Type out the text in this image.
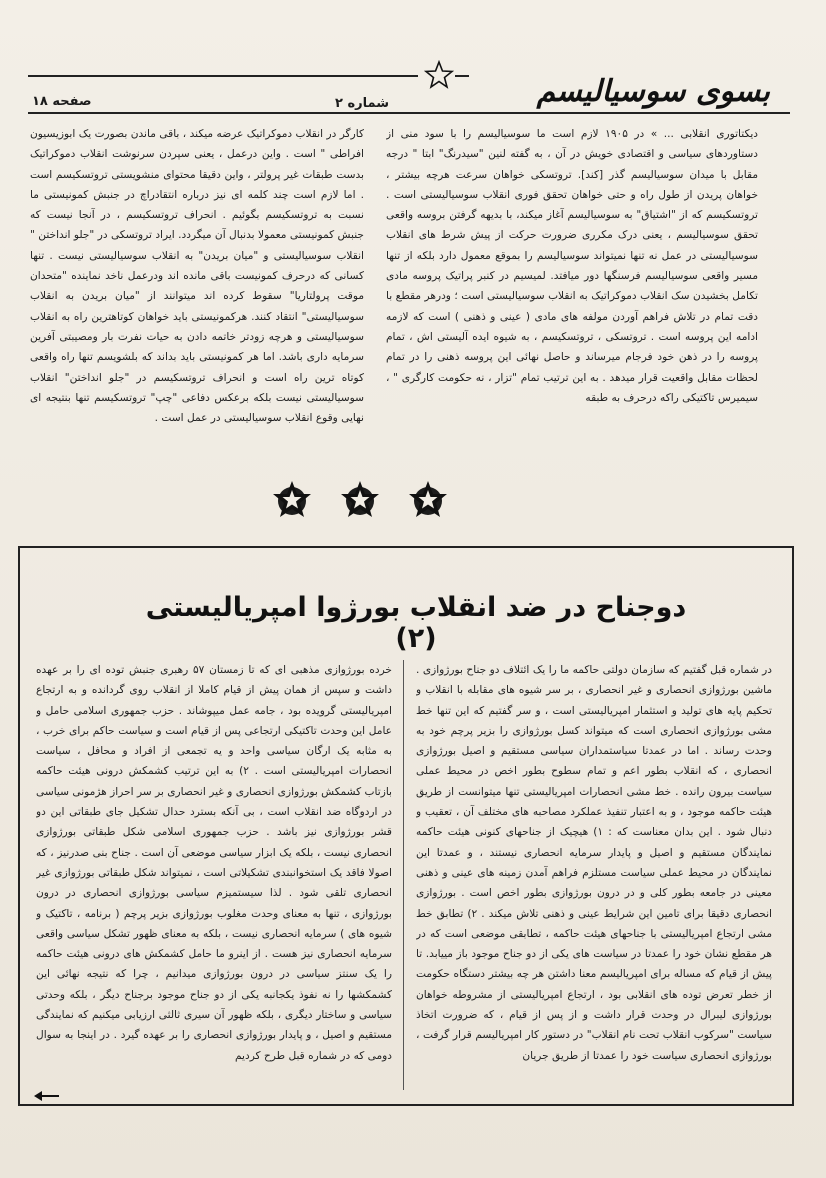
بسوی سوسیالیسم
شماره ۲
صفحه ۱۸

دیکتاتوری انقلابی ... » در ۱۹۰۵ لازم است ما سوسیالیسم را با سود منی از دستاوردهای سیاسی و اقتصادی خویش در آن ، به گفته لنین "سیدرنگ" ابتا " درجه مقابل با میدان سوسیالیسم گذر [کند]. تروتسکی خواهان سرعت هرچه بیشتر ، خواهان پریدن از طول راه و حتی خواهان تحقق فوری انقلاب سوسیالیستی است . تروتسکیسم که از "اشتیاق" به سوسیالیسم آغاز میکند، با بدیهه گرفتن بروسه واقعی تحقق سوسیالیسم ، یعنی درک مکرری ضرورت حرکت از پیش شرط های انقلاب سوسیالیستی در عمل نه تنها نمیتواند سوسیالیسم را بموقع معمول دارد بلکه از تنها مسیر واقعی سوسیالیسم فرسنگها دور میافتد. لمیسیم در کنبر پراتیک پروسه مادی تکامل بخشیدن سک انقلاب دموکراتیک به انقلاب سوسیالیستی است ؛ ودرهر مقطع با دقت تمام در تلاش فراهم آوردن مولفه های مادی ( عینی و ذهنی ) است که لازمه ادامه این پروسه است . تروتسکی ، تروتسکیسم ، به شیوه ایده آلیستی اش ، تمام پروسه را در ذهن خود فرجام میرساند و حاصل نهائی این پروسه ذهنی را در تمام لحظات مقابل واقعیت قرار میدهد . به این ترتیب تمام "تزار ، نه حکومت کارگری " ، سیمیرس تاکتیکی راکه درحرف به طبقه

کارگر در انقلاب دموکراتیک عرضه میکند ، باقی ماندن بصورت یک ابوزیسیون افراطی " است . واین درعمل ، یعنی سپردن سرنوشت انقلاب دموکراتیک بدست طبقات غیر پرولتر ، واین دقیقا محتوای منشویستی تروتسکیسم است . اما لازم است چند کلمه ای نیز درباره انتقادراچ در جنبش کمونیستی ما نسبت به تروتسکیسم بگوئیم . انحراف تروتسکیسم ، در آنجا نیست که جنبش کمونیستی معمولا بدنبال آن میگردد. ایراد تروتسکی در "جلو انداختن " انقلاب سوسیالیستی و "میان بریدن" به انقلاب سوسیالیستی نیست . تنها کسانی که درحرف کمونیست باقی مانده اند ودرعمل ناخد نماینده "متحدان موقت پرولتاریا" سقوط کرده اند میتوانند از "میان بریدن به انقلاب سوسیالیستی" انتقاد کنند. هرکمونیستی باید خواهان کوتاهترین راه به انقلاب سوسیالیستی و هرچه زودتر خاتمه دادن به حیات نفرت بار ومصیبتی آفرین سرمایه داری باشد. اما هر کمونیستی باید بداند که بلشویسم تنها راه واقعی کوتاه ترین راه است و انحراف تروتسکیسم در "جلو انداختن" انقلاب سوسیالیستی نیست بلکه برعکس دفاعی "چپ" تروتسکیسم تنها بنتیجه ای نهایی وقوع انقلاب سوسیالیستی در عمل است .

دوجناح در ضد انقلاب بورژوا امپریالیستی (۲)

در شماره قبل گفتیم که سازمان دولتی حاکمه ما را یک ائتلاف دو جناح بورژوازی . ماشین بورژوازی انحصاری و غیر انحصاری ، بر سر شیوه های مقابله با انقلاب و تحکیم پایه های تولید و استثمار امپریالیستی است ، و سر گفتیم که این تنها خط مشی بورژوازی انحصاری است که میتواند کسل بورژوازی را بزیر پرچم خود به وحدت رساند . اما در عمدتا سیاستمداران سیاسی مستقیم و اصیل بورژوازی انحصاری ، که انقلاب بطور اعم و تمام سطوح بطور اخص در محیط عملی سیاست بیرون رانده . خط مشی انحصارات امپریالیستی تنها میتوانست از طریق هیئت حاکمه موجود ، و به اعتبار تنفیذ عملکرد مصاحبه های مختلف آن ، تعقیب و دنبال شود . این بدان معناست که : ۱) هیچیک از جناحهای کنونی هیئت حاکمه نمایندگان مستقیم و اصیل و پایدار سرمایه انحصاری نیستند ، و عمدتا این نمایندگان در محیط عملی سیاست مستلزم فراهم آمدن زمینه های عینی و ذهنی معینی در جامعه بطور کلی و در درون بورژوازی بطور اخص است . بورژوازی انحصاری دقیقا برای تامین این شرایط عینی و ذهنی تلاش میکند . ۲) تطابق خط مشی ارتجاع امپریالیستی با جناحهای هیئت حاکمه ، تطابقی موضعی است که در هر مقطع نشان خود را عمدتا در سیاست های یکی از دو جناح موجود باز مییابد. تا پیش از قیام که مساله برای امپریالیسم معنا داشتن هر چه بیشتر دستگاه حکومت از خطر تعرض توده های انقلابی بود ، ارتجاع امپریالیستی از مشروطه خواهان بورژوازی لیبرال در وحدت قرار داشت و از پس از قیام ، که ضرورت اتخاذ سیاست "سرکوب انقلاب تحت نام انقلاب" در دستور کار امپریالیسم قرار گرفت ، بورژوازی انحصاری سیاست خود را عمدتا از طریق جریان

خرده بورژوازی مذهبی ای که تا زمستان ۵۷ رهبری جنبش توده ای را بر عهده داشت و سپس از همان پیش از قیام کاملا از انقلاب روی گردانده و به ارتجاع امپریالیستی گرویده بود ، جامه عمل میپوشاند . حزب جمهوری اسلامی حامل و عامل این وحدت تاکتیکی ارتجاعی پس از قیام است و سیاست حاکم برای خرب ، به مثابه یک ارگان سیاسی واحد و یه تجمعی از افراد و محافل ، سیاست انحصارات امپریالیستی است . ۲) به این ترتیب کشمکش درونی هیئت حاکمه بازتاب کشمکش بورژوازی انحصاری و غیر انحصاری بر سر احراز هژمونی سیاسی در اردوگاه ضد انقلاب است ، بی آنکه بسترد حدال تشکیل جای طبقاتی این دو قشر بورژوازی نیز باشد . حزب جمهوری اسلامی شکل طبقاتی بورژوازی انحصاری نیست ، بلکه یک ابزار سیاسی موضعی آن است . جناح بنی صدرنیز ، که اصولا فاقد یک استخوانبندی تشکیلاتی است ، نمیتواند شکل طبقاتی بورژوازی غیر انحصاری تلقی شود . لذا سیستمیزم سیاسی بورژوازی انحصاری در درون بورژوازی ، تنها به معنای وحدت مغلوب بورژوازی بزیر پرچم ( برنامه ، تاکتیک و شیوه های ) سرمایه انحصاری نیست ، بلکه به معنای ظهور تشکل سیاسی واقعی سرمایه انحصاری نیز هست . از اینرو ما حامل کشمکش های درونی هیئت حاکمه را یک سنتز سیاسی در درون بورژوازی میدانیم ، چرا که نتیجه نهائی این کشمکشها را نه نفوذ یکجانبه یکی از دو جناح موجود برجناح دیگر ، بلکه وحدتی سیاسی و ساختار دیگری ، بلکه ظهور آن سیری ثالثی ارزیابی میکنیم که نمایندگی مستقیم و اصیل ، و پایدار بورژوازی انحصاری را بر عهده گیرد . در اینجا به سوال دومی که در شماره قبل طرح کردیم
